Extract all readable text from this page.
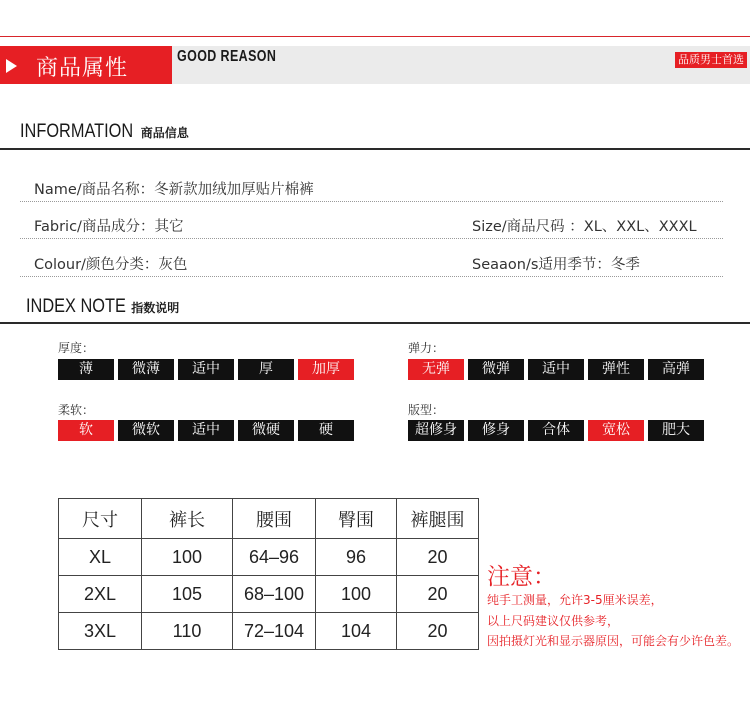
商品属性	GOOD REASON	品质男士首选
INFORMATION 商品信息
Name/商品名称：冬新款加绒加厚贴片棉裤
Fabric/商品成分：其它	Size/商品尺码 ：XL、XXL、XXXL
Colour/颜色分类：灰色	Seaaon/s适用季节：冬季
INDEX NOTE 指数说明
厚度：
薄	微薄	适中	厚	加厚
弹力：
无弹	微弹	适中	弹性	高弹
柔软：
软	微软	适中	微硬	硬
版型：
超修身	修身	合体	宽松	肥大
尺寸	裤长	腰围	臀围	裤腿围
XL	100	64–96	96	20
2XL	105	68–100	100	20
3XL	110	72–104	104	20
注意：
纯手工测量，允许3-5厘米误差，
以上尺码建议仅供参考，
因拍摄灯光和显示器原因，可能会有少许色差。
